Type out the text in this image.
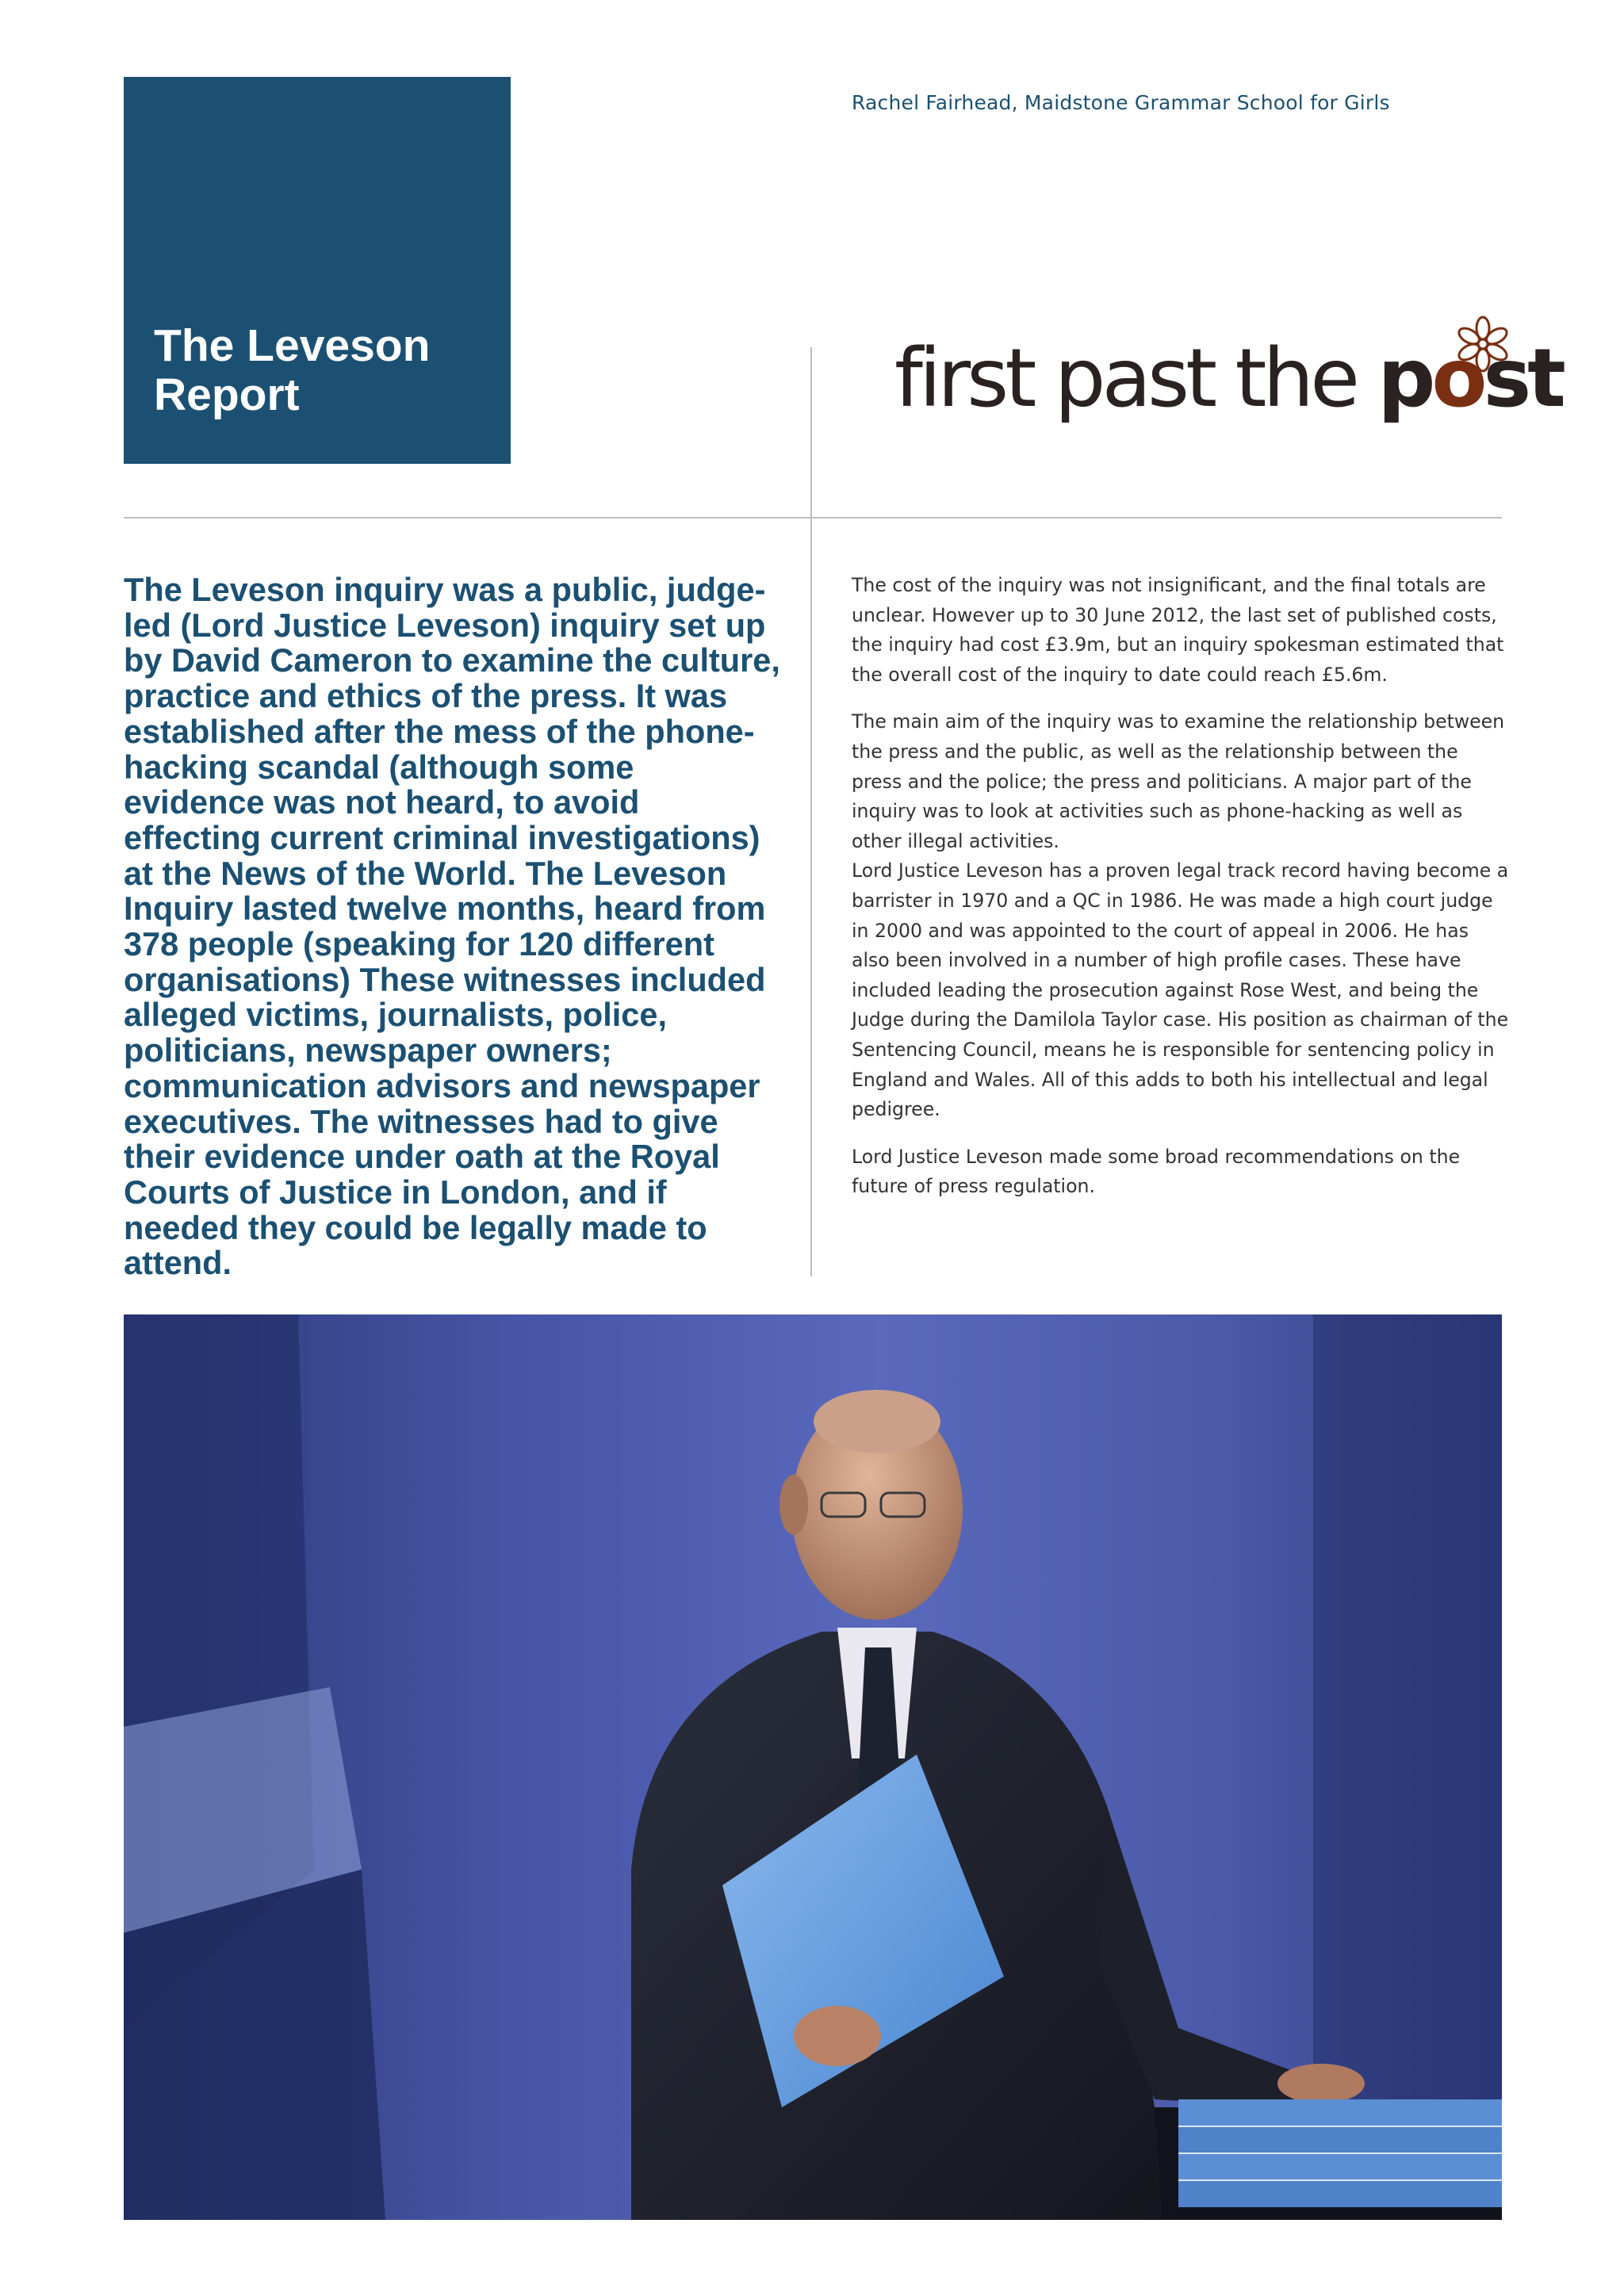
The Leveson Report
Rachel Fairhead, Maidstone Grammar School for Girls
first past the post

The Leveson inquiry was a public, judge-led (Lord Justice Leveson) inquiry set up by David Cameron to examine the culture, practice and ethics of the press. It was established after the mess of the phone-hacking scandal (although some evidence was not heard, to avoid effecting current criminal investigations) at the News of the World. The Leveson Inquiry lasted twelve months, heard from 378 people (speaking for 120 different organisations) These witnesses included alleged victims, journalists, police, politicians, newspaper owners; communication advisors and newspaper executives. The witnesses had to give their evidence under oath at the Royal Courts of Justice in London, and if needed they could be legally made to attend.

The cost of the inquiry was not insignificant, and the final totals are unclear. However up to 30 June 2012, the last set of published costs, the inquiry had cost £3.9m, but an inquiry spokesman estimated that the overall cost of the inquiry to date could reach £5.6m.

The main aim of the inquiry was to examine the relationship between the press and the public, as well as the relationship between the press and the police; the press and politicians. A major part of the inquiry was to look at activities such as phone-hacking as well as other illegal activities.

Lord Justice Leveson has a proven legal track record having become a barrister in 1970 and a QC in 1986. He was made a high court judge in 2000 and was appointed to the court of appeal in 2006. He has also been involved in a number of high profile cases. These have included leading the prosecution against Rose West, and being the Judge during the Damilola Taylor case. His position as chairman of the Sentencing Council, means he is responsible for sentencing policy in England and Wales. All of this adds to both his intellectual and legal pedigree.

Lord Justice Leveson made some broad recommendations on the future of press regulation.
